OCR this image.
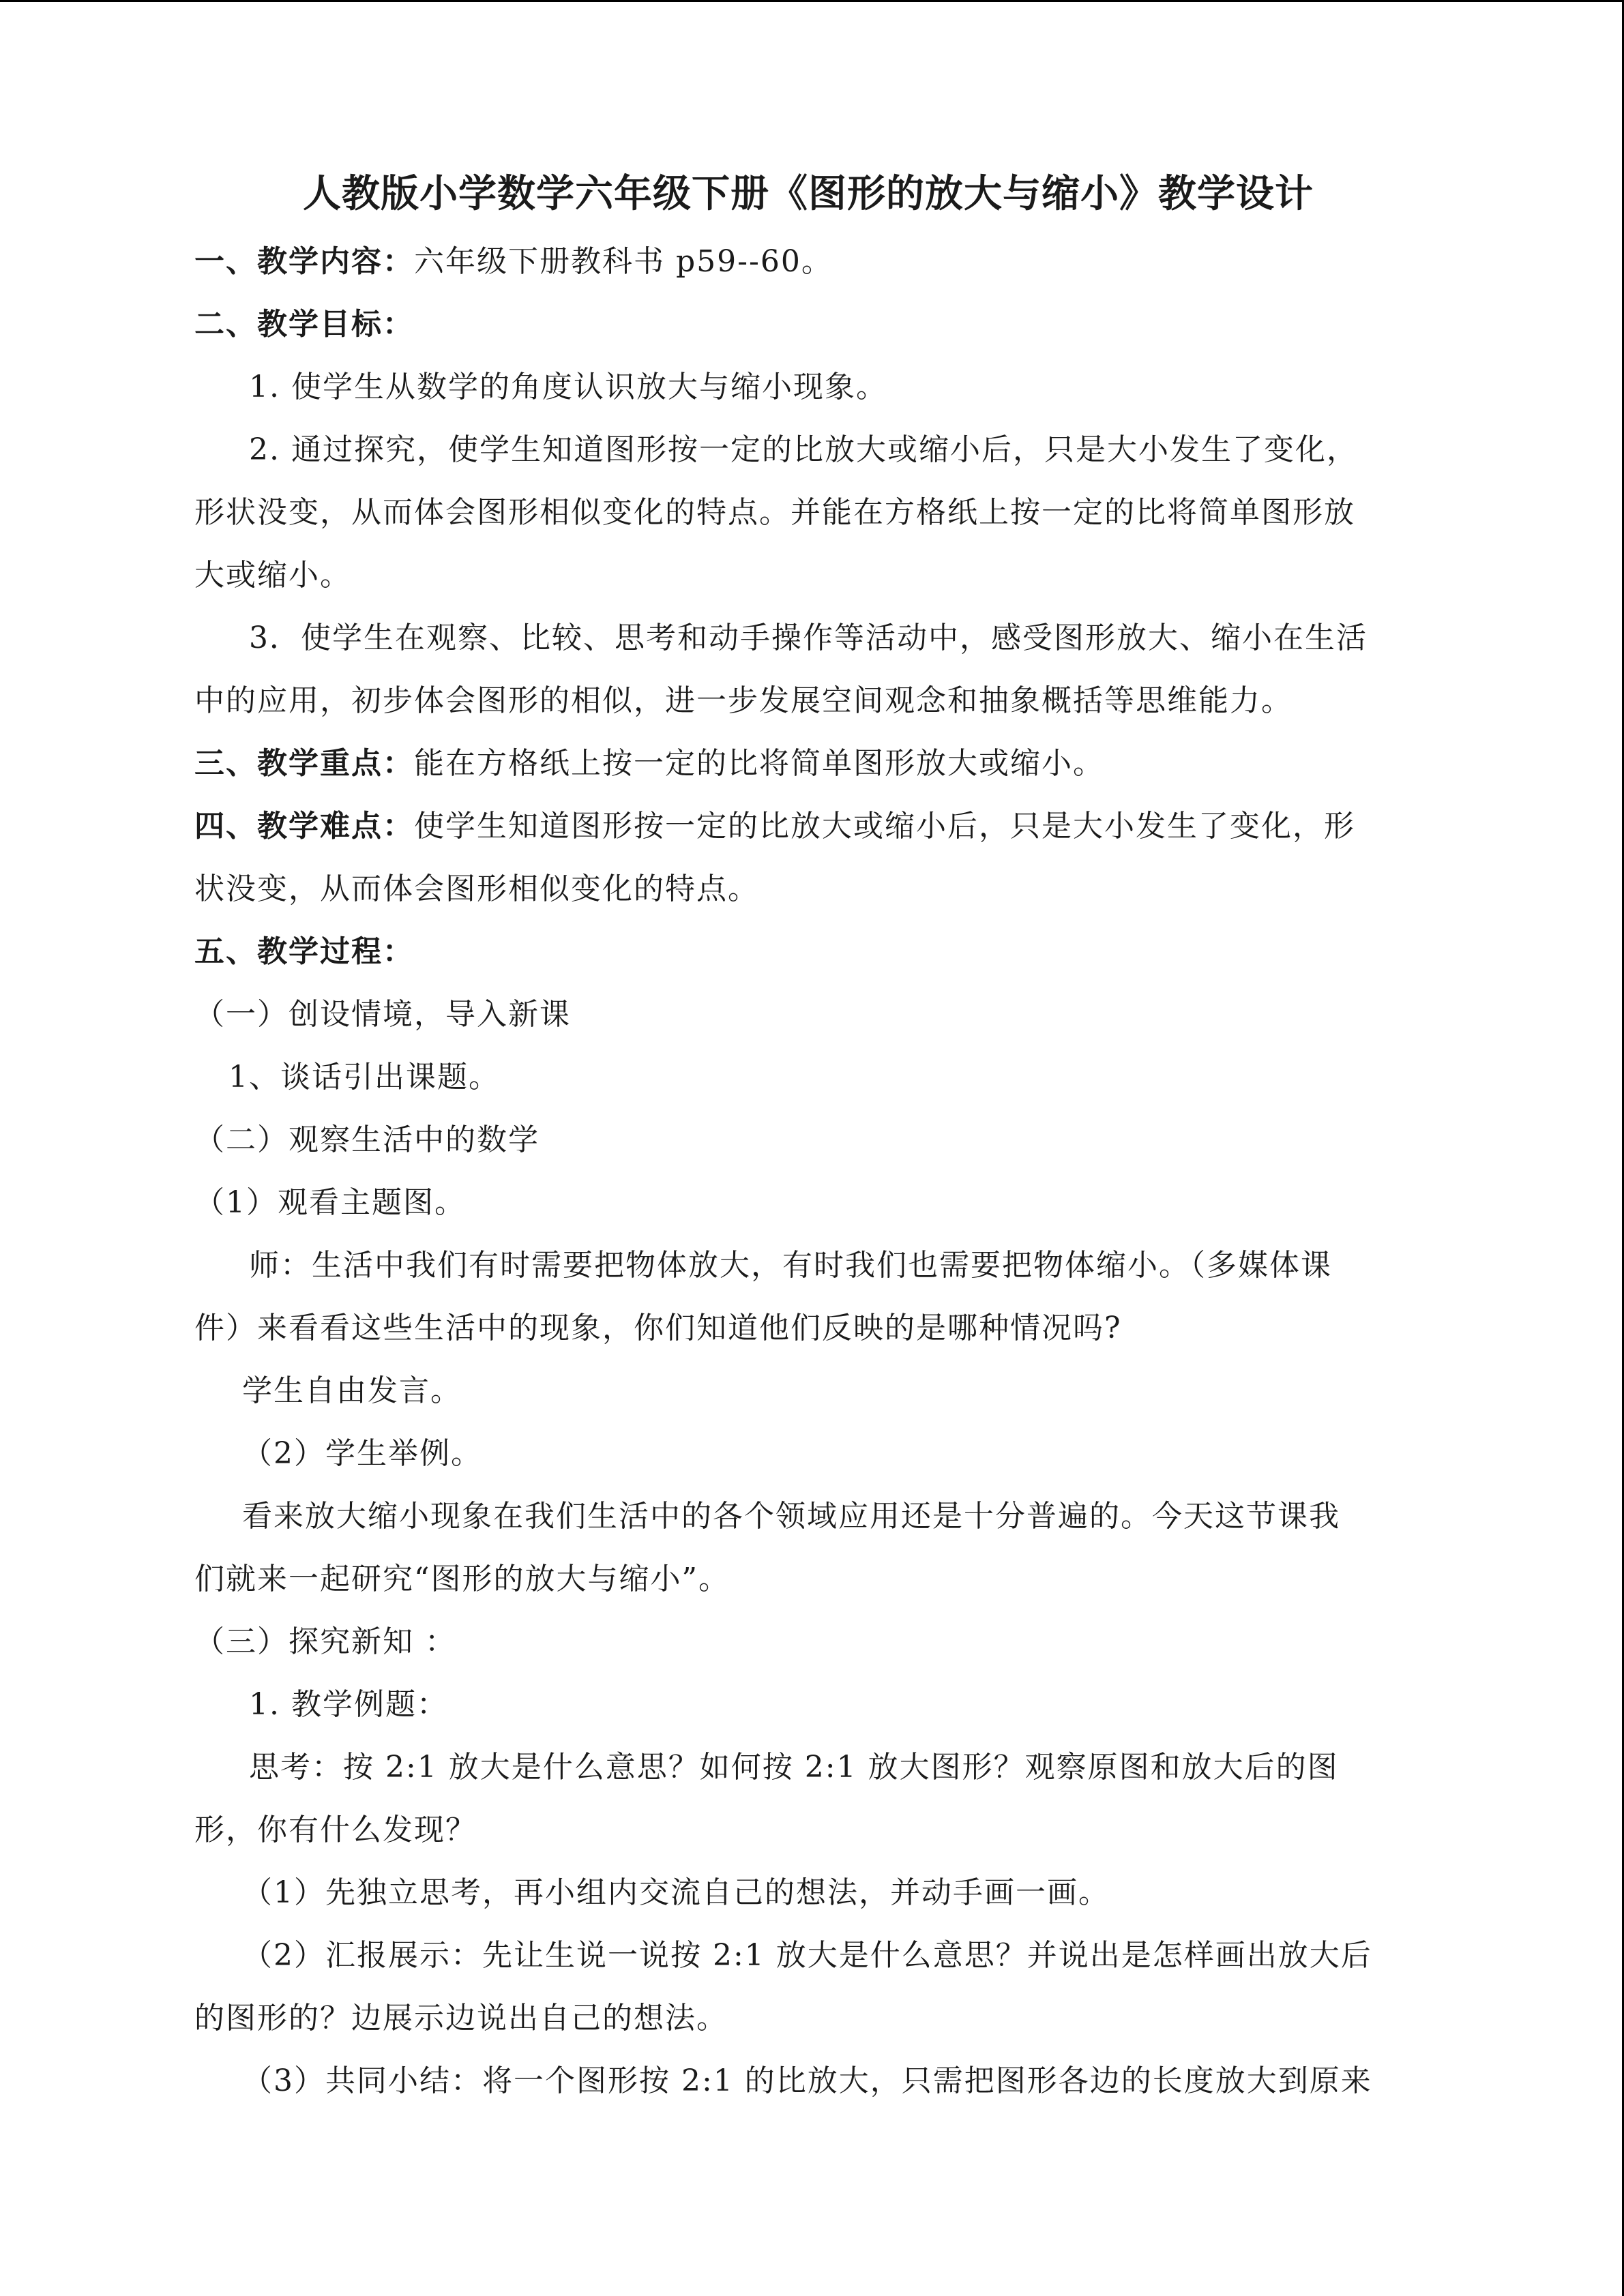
人教版小学数学六年级下册《图形的放大与缩小》教学设计
一、教学内容：六年级下册教科书 p59--60。
二、教学目标：
1. 使学生从数学的角度认识放大与缩小现象。
2. 通过探究，使学生知道图形按一定的比放大或缩小后，只是大小发生了变化，
形状没变，从而体会图形相似变化的特点。并能在方格纸上按一定的比将简单图形放
大或缩小。
3．使学生在观察、比较、思考和动手操作等活动中，感受图形放大、缩小在生活
中的应用，初步体会图形的相似，进一步发展空间观念和抽象概括等思维能力。
三、教学重点：能在方格纸上按一定的比将简单图形放大或缩小。
四、教学难点：使学生知道图形按一定的比放大或缩小后，只是大小发生了变化，形
状没变，从而体会图形相似变化的特点。
五、教学过程：
（一）创设情境，导入新课
1、谈话引出课题。
（二）观察生活中的数学
（1）观看主题图。
师：生活中我们有时需要把物体放大，有时我们也需要把物体缩小。（多媒体课
件）来看看这些生活中的现象，你们知道他们反映的是哪种情况吗?
学生自由发言。
（2）学生举例。
看来放大缩小现象在我们生活中的各个领域应用还是十分普遍的。今天这节课我
们就来一起研究“图形的放大与缩小”。
（三）探究新知 ：
1. 教学例题：
思考：按 2:1 放大是什么意思？如何按 2:1 放大图形？观察原图和放大后的图
形，你有什么发现？
（1）先独立思考，再小组内交流自己的想法，并动手画一画。
（2）汇报展示：先让生说一说按 2:1 放大是什么意思？并说出是怎样画出放大后
的图形的？边展示边说出自己的想法。
（3）共同小结：将一个图形按 2:1 的比放大，只需把图形各边的长度放大到原来
